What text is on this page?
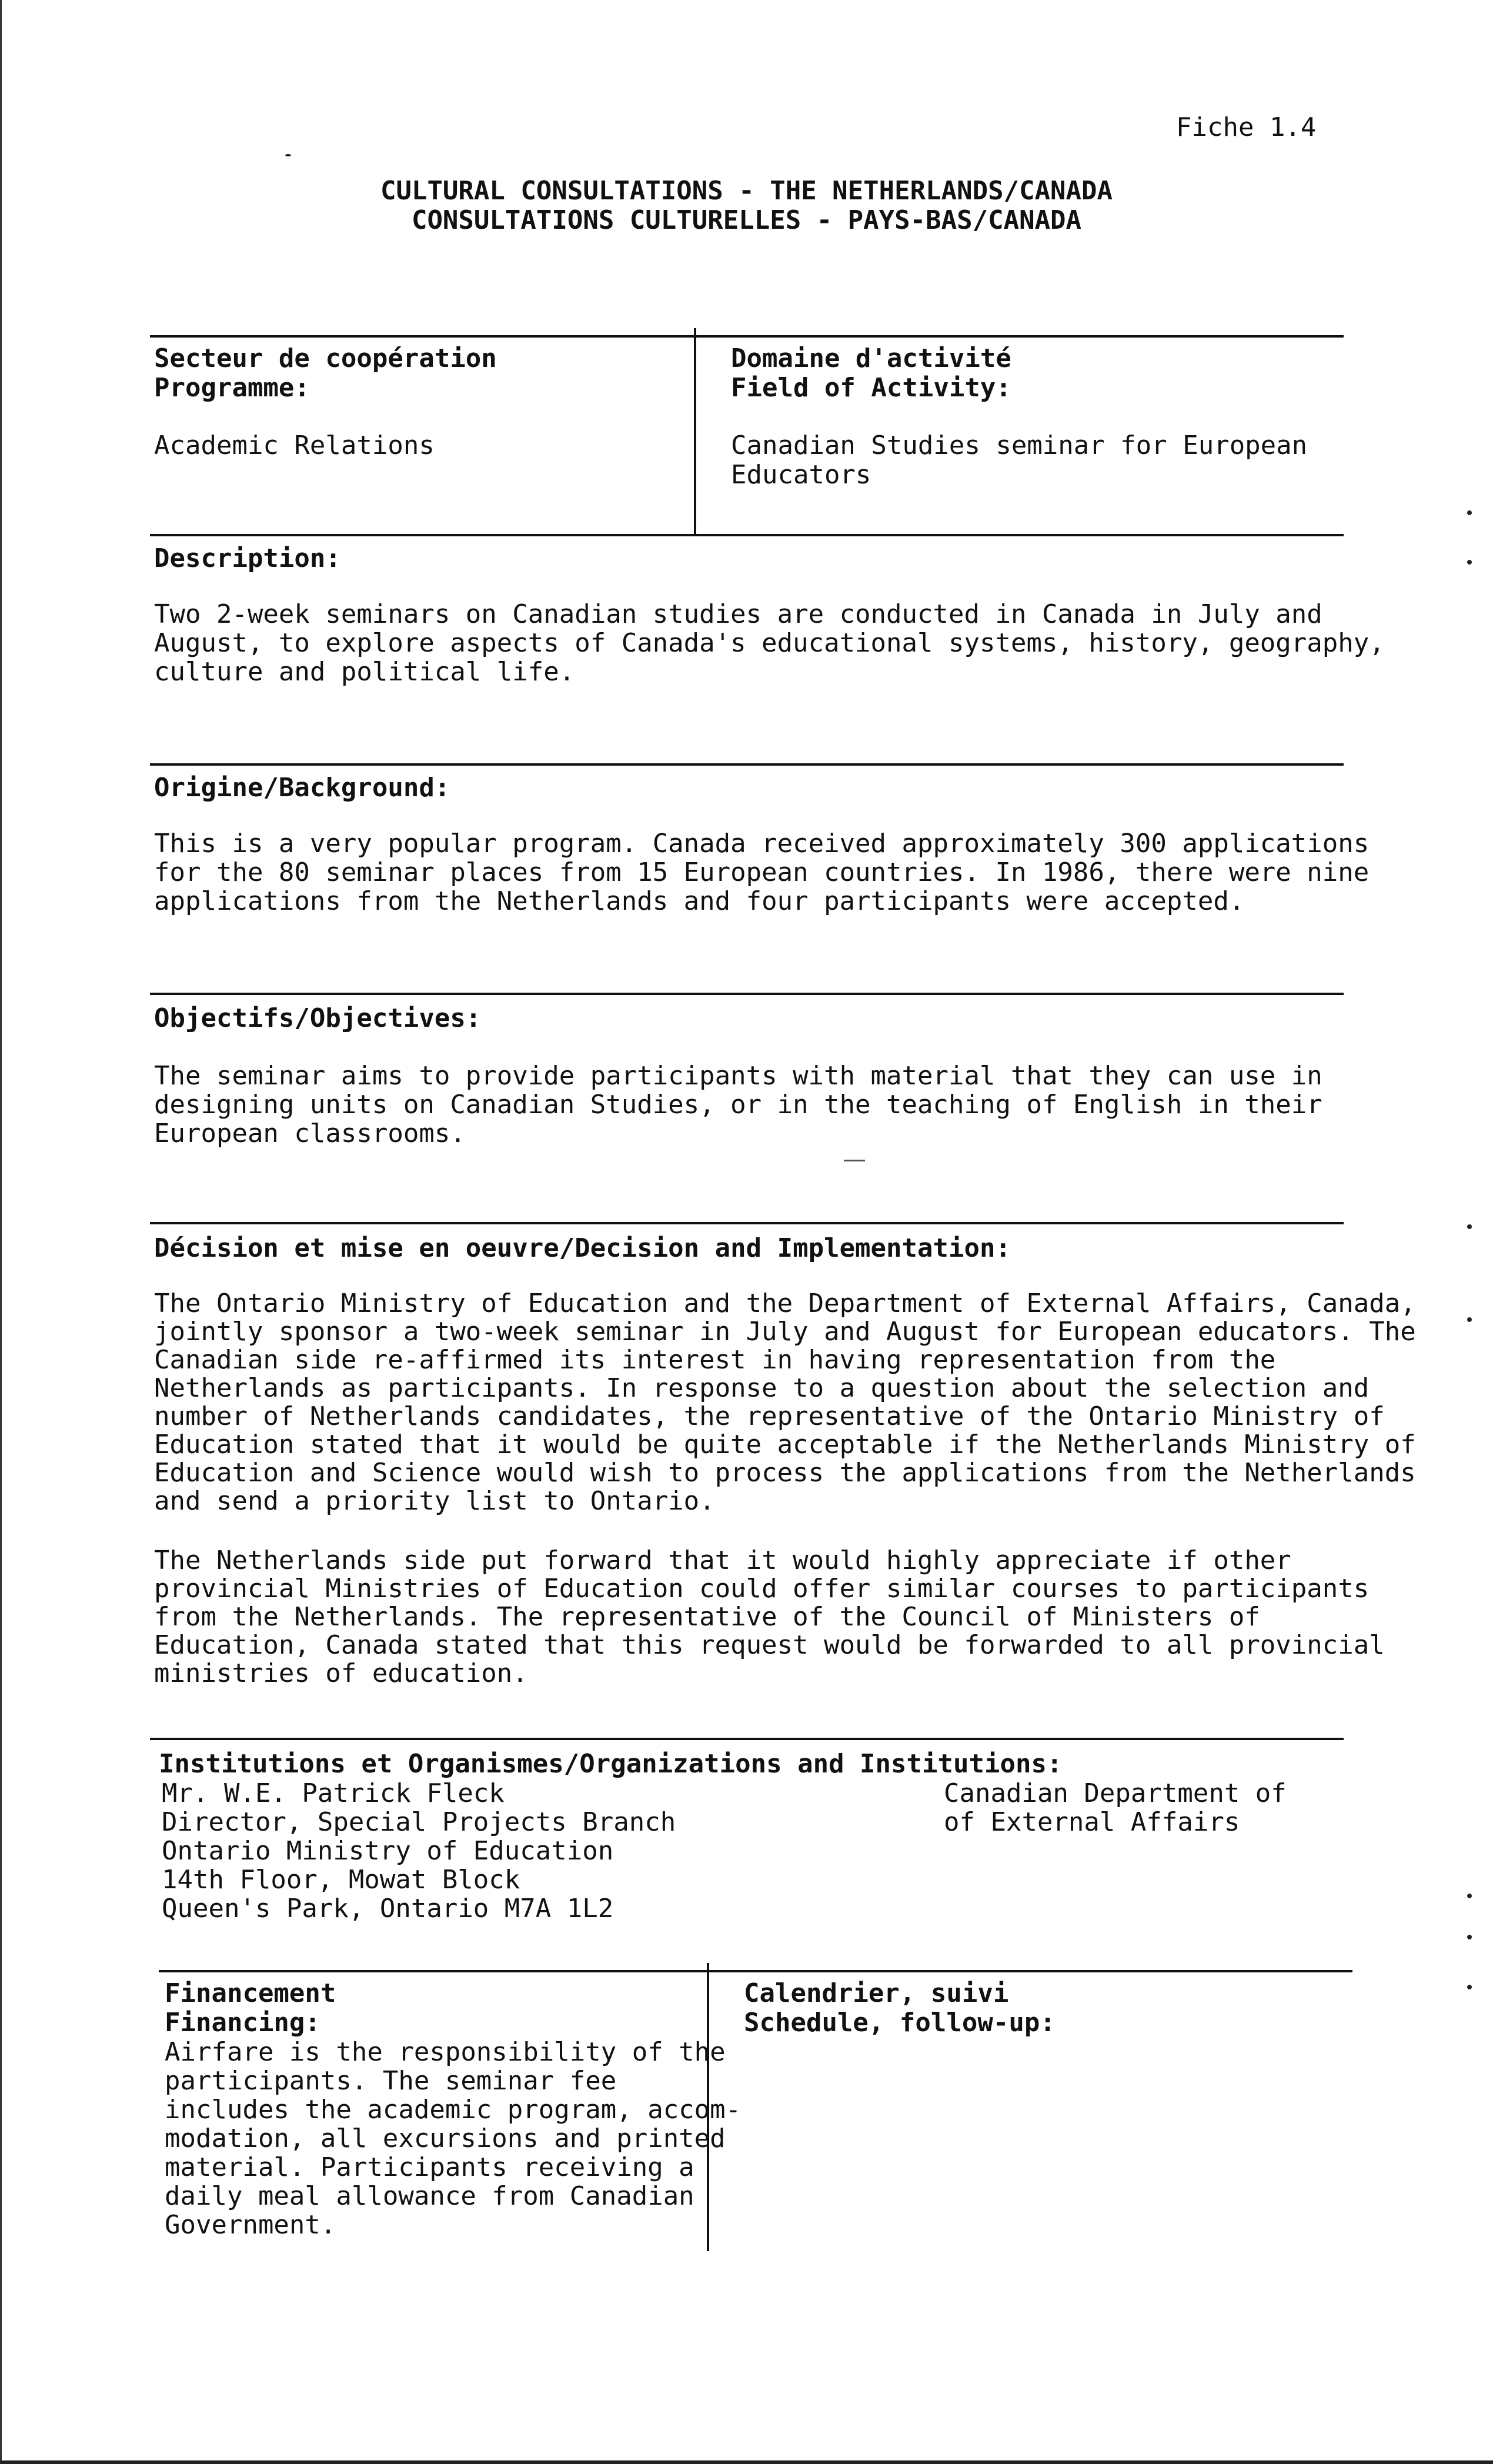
Fiche 1.4
CULTURAL CONSULTATIONS - THE NETHERLANDS/CANADA
CONSULTATIONS CULTURELLES - PAYS-BAS/CANADA
Secteur de coopération
Programme:
Academic Relations
Domaine d'activité
Field of Activity:
Canadian Studies seminar for European
Educators
Description:
Two 2-week seminars on Canadian studies are conducted in Canada in July and
August, to explore aspects of Canada's educational systems, history, geography,
culture and political life.
Origine/Background:
This is a very popular program. Canada received approximately 300 applications
for the 80 seminar places from 15 European countries. In 1986, there were nine
applications from the Netherlands and four participants were accepted.
Objectifs/Objectives:
The seminar aims to provide participants with material that they can use in
designing units on Canadian Studies, or in the teaching of English in their
European classrooms.
Décision et mise en oeuvre/Decision and Implementation:
The Ontario Ministry of Education and the Department of External Affairs, Canada,
jointly sponsor a two-week seminar in July and August for European educators. The
Canadian side re-affirmed its interest in having representation from the
Netherlands as participants. In response to a question about the selection and
number of Netherlands candidates, the representative of the Ontario Ministry of
Education stated that it would be quite acceptable if the Netherlands Ministry of
Education and Science would wish to process the applications from the Netherlands
and send a priority list to Ontario.
The Netherlands side put forward that it would highly appreciate if other
provincial Ministries of Education could offer similar courses to participants
from the Netherlands. The representative of the Council of Ministers of
Education, Canada stated that this request would be forwarded to all provincial
ministries of education.
Institutions et Organismes/Organizations and Institutions:
Mr. W.E. Patrick Fleck
Director, Special Projects Branch
Ontario Ministry of Education
14th Floor, Mowat Block
Queen's Park, Ontario M7A 1L2
Canadian Department of
of External Affairs
Financement
Financing:
Airfare is the responsibility of the
participants. The seminar fee
includes the academic program, accom-
modation, all excursions and printed
material. Participants receiving a
daily meal allowance from Canadian
Government.
Calendrier, suivi
Schedule, follow-up:
